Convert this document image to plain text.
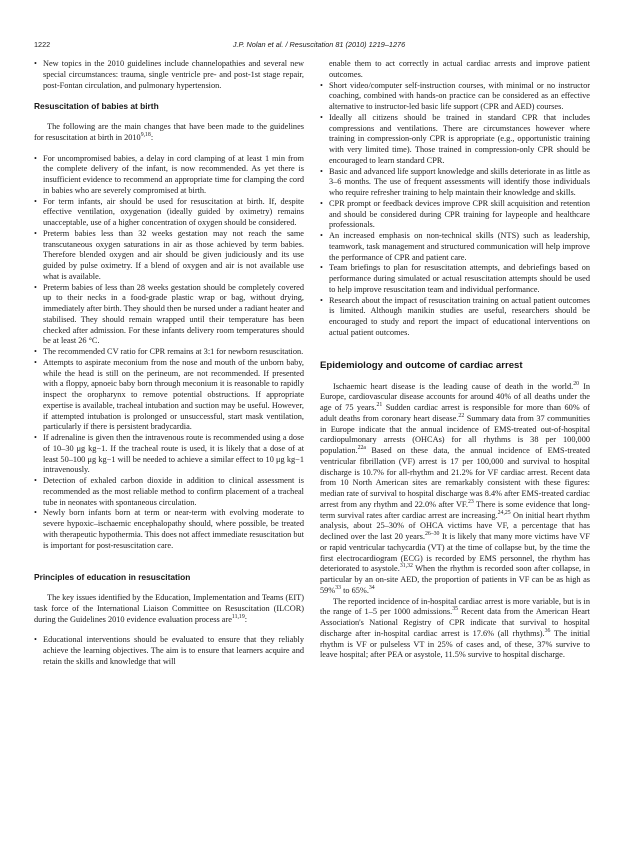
1222	J.P. Nolan et al. / Resuscitation 81 (2010) 1219–1276
• New topics in the 2010 guidelines include channelopathies and several new special circumstances: trauma, single ventricle pre- and post-1st stage repair, post-Fontan circulation, and pulmonary hypertension.
Resuscitation of babies at birth

The following are the main changes that have been made to the guidelines for resuscitation at birth in 2010$^{9,18}$:

• For uncompromised babies, a delay in cord clamping of at least 1 min from the complete delivery of the infant, is now recommended. As yet there is insufficient evidence to recommend an appropriate time for clamping the cord in babies who are severely compromised at birth.
• For term infants, air should be used for resuscitation at birth. If, despite effective ventilation, oxygenation (ideally guided by oximetry) remains unacceptable, use of a higher concentration of oxygen should be considered.
• Preterm babies less than 32 weeks gestation may not reach the same transcutaneous oxygen saturations in air as those achieved by term babies. Therefore blended oxygen and air should be given judiciously and its use guided by pulse oximetry. If a blend of oxygen and air is not available use what is available.
• Preterm babies of less than 28 weeks gestation should be completely covered up to their necks in a food-grade plastic wrap or bag, without drying, immediately after birth. They should then be nursed under a radiant heater and stabilised. They should remain wrapped until their temperature has been checked after admission. For these infants delivery room temperatures should be at least 26 °C.
• The recommended CV ratio for CPR remains at 3:1 for newborn resuscitation.
• Attempts to aspirate meconium from the nose and mouth of the unborn baby, while the head is still on the perineum, are not recommended. If presented with a floppy, apnoeic baby born through meconium it is reasonable to rapidly inspect the oropharynx to remove potential obstructions. If appropriate expertise is available, tracheal intubation and suction may be useful. However, if attempted intubation is prolonged or unsuccessful, start mask ventilation, particularly if there is persistent bradycardia.
• If adrenaline is given then the intravenous route is recommended using a dose of 10–30 μg kg−1. If the tracheal route is used, it is likely that a dose of at least 50–100 μg kg−1 will be needed to achieve a similar effect to 10 μg kg−1 intravenously.
• Detection of exhaled carbon dioxide in addition to clinical assessment is recommended as the most reliable method to confirm placement of a tracheal tube in neonates with spontaneous circulation.
• Newly born infants born at term or near-term with evolving moderate to severe hypoxic–ischaemic encephalopathy should, where possible, be treated with therapeutic hypothermia. This does not affect immediate resuscitation but is important for post-resuscitation care.
Principles of education in resuscitation

The key issues identified by the Education, Implementation and Teams (EIT) task force of the International Liaison Committee on Resuscitation (ILCOR) during the Guidelines 2010 evidence evaluation process are$^{11,19}$:

• Educational interventions should be evaluated to ensure that they reliably achieve the learning objectives. The aim is to ensure that learners acquire and retain the skills and knowledge that will

enable them to act correctly in actual cardiac arrests and improve patient outcomes.

• Short video/computer self-instruction courses, with minimal or no instructor coaching, combined with hands-on practice can be considered as an effective alternative to instructor-led basic life support (CPR and AED) courses.
• Ideally all citizens should be trained in standard CPR that includes compressions and ventilations. There are circumstances however where training in compression-only CPR is appropriate (e.g., opportunistic training with very limited time). Those trained in compression-only CPR should be encouraged to learn standard CPR.
• Basic and advanced life support knowledge and skills deteriorate in as little as 3–6 months. The use of frequent assessments will identify those individuals who require refresher training to help maintain their knowledge and skills.
• CPR prompt or feedback devices improve CPR skill acquisition and retention and should be considered during CPR training for laypeople and healthcare professionals.
• An increased emphasis on non-technical skills (NTS) such as leadership, teamwork, task management and structured communication will help improve the performance of CPR and patient care.
• Team briefings to plan for resuscitation attempts, and debriefings based on performance during simulated or actual resuscitation attempts should be used to help improve resuscitation team and individual performance.
• Research about the impact of resuscitation training on actual patient outcomes is limited. Although manikin studies are useful, researchers should be encouraged to study and report the impact of educational interventions on actual patient outcomes.
Epidemiology and outcome of cardiac arrest

Ischaemic heart disease is the leading cause of death in the world.$^{20}$ In Europe, cardiovascular disease accounts for around 40% of all deaths under the age of 75 years.$^{21}$ Sudden cardiac arrest is responsible for more than 60% of adult deaths from coronary heart disease.$^{22}$ Summary data from 37 communities in Europe indicate that the annual incidence of EMS-treated out-of-hospital cardiopulmonary arrests (OHCAs) for all rhythms is 38 per 100,000 population.$^{22a}$ Based on these data, the annual incidence of EMS-treated ventricular fibrillation (VF) arrest is 17 per 100,000 and survival to hospital discharge is 10.7% for all-rhythm and 21.2% for VF cardiac arrest. Recent data from 10 North American sites are remarkably consistent with these figures: median rate of survival to hospital discharge was 8.4% after EMS-treated cardiac arrest from any rhythm and 22.0% after VF.$^{23}$ There is some evidence that long-term survival rates after cardiac arrest are increasing.$^{24,25}$ On initial heart rhythm analysis, about 25–30% of OHCA victims have VF, a percentage that has declined over the last 20 years.$^{26-30}$ It is likely that many more victims have VF or rapid ventricular tachycardia (VT) at the time of collapse but, by the time the first electrocardiogram (ECG) is recorded by EMS personnel, the rhythm has deteriorated to asystole.$^{31,32}$ When the rhythm is recorded soon after collapse, in particular by an on-site AED, the proportion of patients in VF can be as high as 59%$^{33}$ to 65%.$^{34}$

The reported incidence of in-hospital cardiac arrest is more variable, but is in the range of 1–5 per 1000 admissions.$^{35}$ Recent data from the American Heart Association's National Registry of CPR indicate that survival to hospital discharge after in-hospital cardiac arrest is 17.6% (all rhythms).$^{36}$ The initial rhythm is VF or pulseless VT in 25% of cases and, of these, 37% survive to leave hospital; after PEA or asystole, 11.5% survive to hospital discharge.
